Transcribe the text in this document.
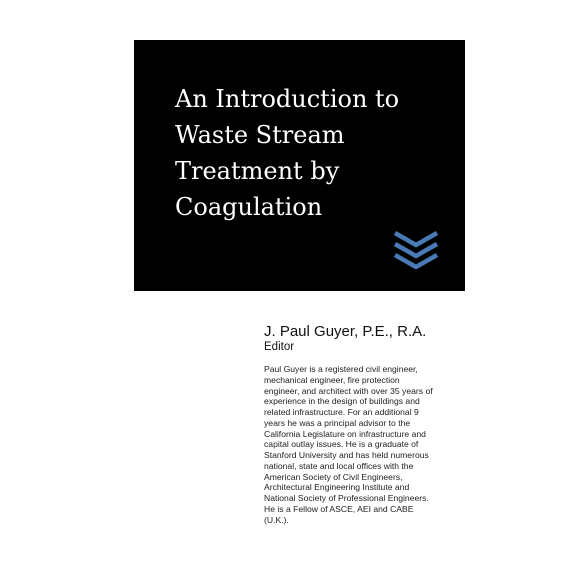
An Introduction to
Waste Stream
Treatment by
Coagulation
J. Paul Guyer, P.E., R.A.
Editor
Paul Guyer is a registered civil engineer,
mechanical engineer, fire protection
engineer, and architect with over 35 years of
experience in the design of buildings and
related infrastructure. For an additional 9
years he was a principal advisor to the
California Legislature on infrastructure and
capital outlay issues. He is a graduate of
Stanford University and has held numerous
national, state and local offices with the
American Society of Civil Engineers,
Architectural Engineering Institute and
National Society of Professional Engineers.
He is a Fellow of ASCE, AEI and CABE
(U.K.).
